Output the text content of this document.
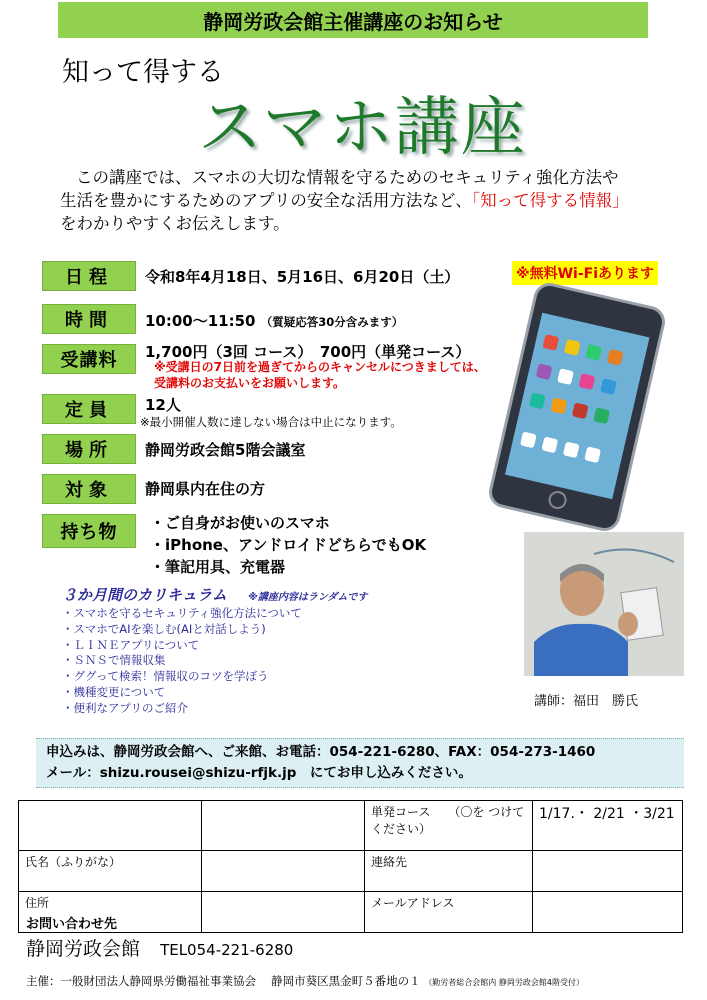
静岡労政会館主催講座のお知らせ
知って得する
スマホ講座
この講座では、スマホの大切な情報を守るためのセキュリティ強化方法や
生活を豊かにするためのアプリの安全な活用方法など、「知って得する情報」
をわかりやすくお伝えします。
日程	令和8年4月18日、5月16日、6月20日（土）	※無料Wi-Fiあります
時間	10:00〜11:50 （質疑応答30分含みます）
受講料	1,700円（3回 コース）　700円（単発コース）
※受講日の7日前を過ぎてからのキャンセルにつきましては、
受講料のお支払いをお願いします。
定員	12人
※最小開催人数に達しない場合は中止になります。
場所	静岡労政会館5階会議室
対象	静岡県内在住の方
持ち物	・ご自身がお使いのスマホ
・iPhone、アンドロイドどちらでもOK
・筆記用具、充電器
講師：福田　勝氏
３か月間のカリキュラム ※講座内容はランダムです
・スマホを守るセキュリティ強化方法について
・スマホでAIを楽しむ(AIと対話しよう)
・ＬＩＮＥアプリについて
・ＳＮＳで情報収集
・ググって検索！情報収のコツを学ぼう
・機種変更について
・便利なアプリのご紹介
申込みは、静岡労政会館へ、ご来館、お電話：054-221-6280、FAX：054-273-1460
メール：shizu.rousei@shizu-rfjk.jp　にてお申し込みください。
		単発コース　　（〇を つけてください）	1/17.・ 2/21 ・3/21
氏名（ふりがな）		連絡先	
住所		メールアドレス	
お問い合わせ先
静岡労政会館 TEL054-221-6280
主催：一般財団法人静岡県労働福祉事業協会　 静岡市葵区黒金町５番地の１ （勤労者総合会館内 静岡労政会館4階受付）
